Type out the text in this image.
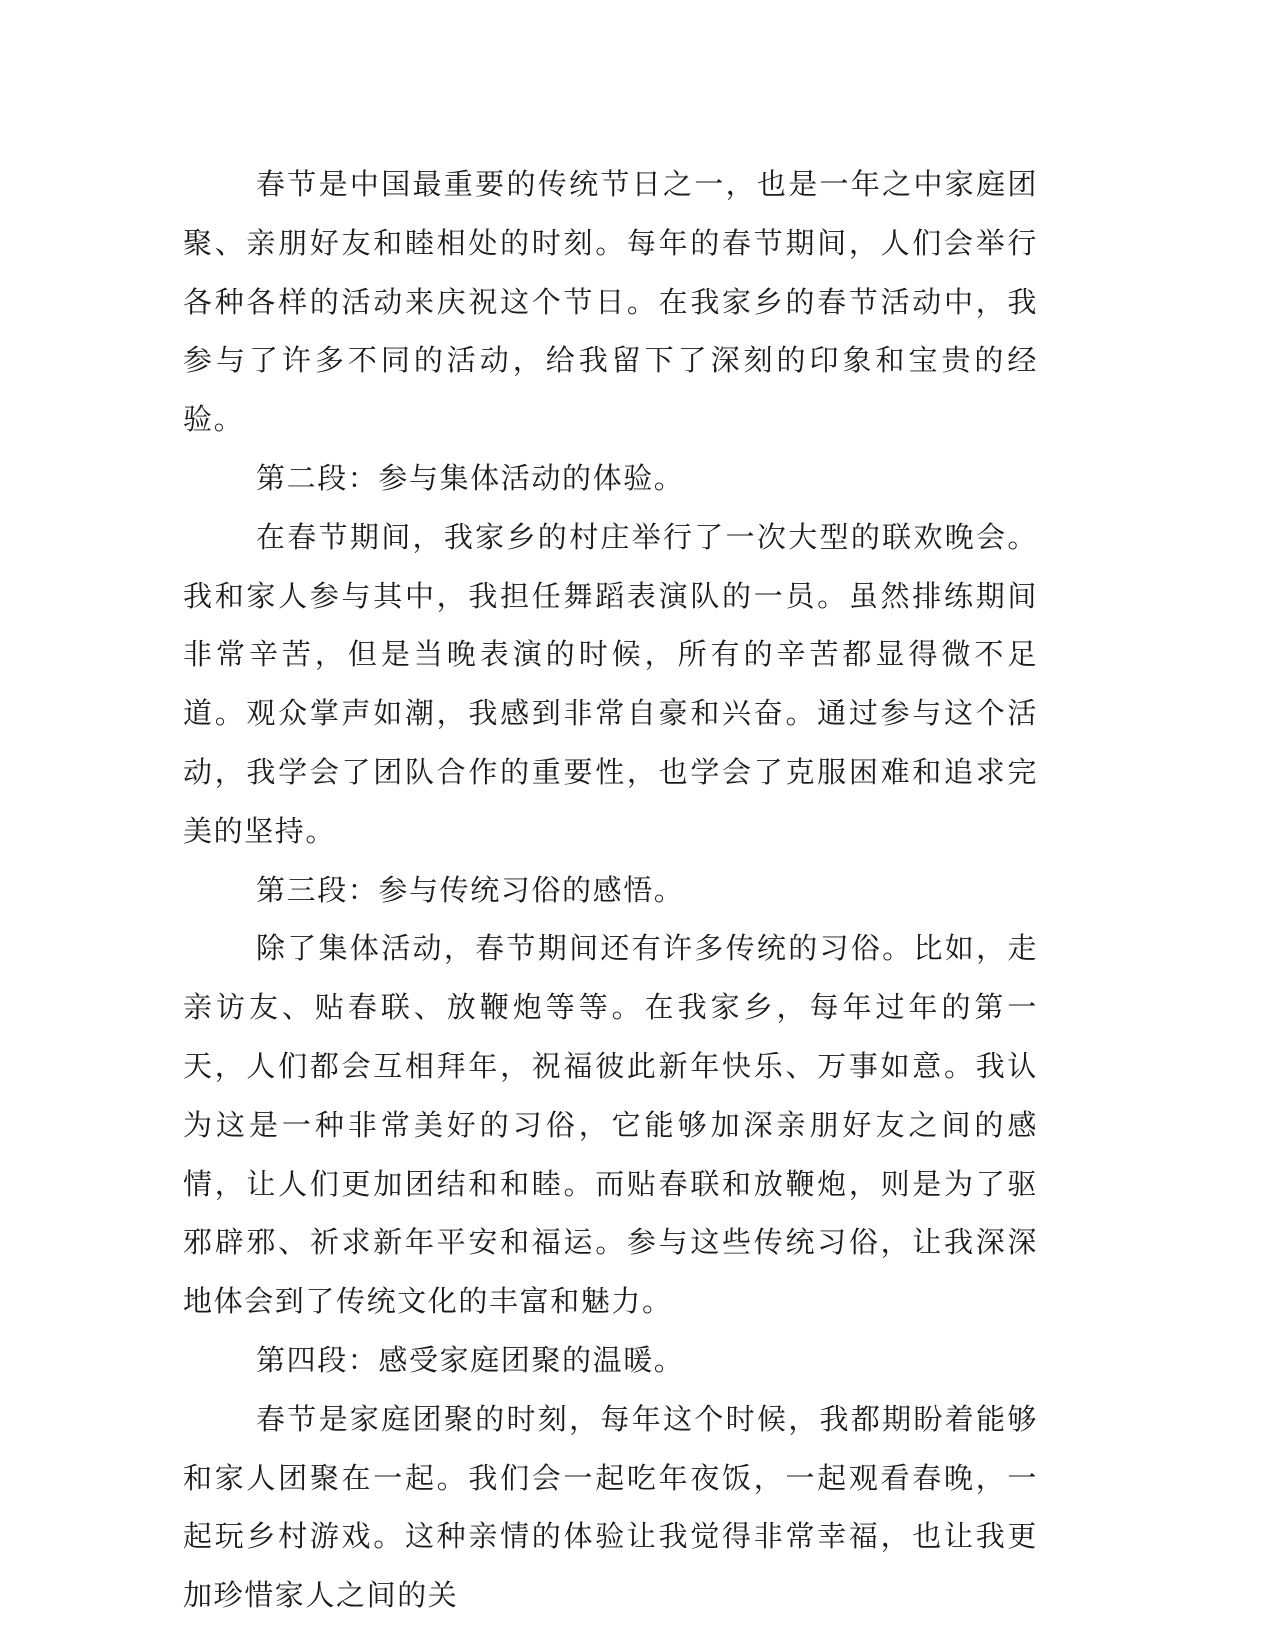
春节是中国最重要的传统节日之一，也是一年之中家庭团聚、亲朋好友和睦相处的时刻。每年的春节期间，人们会举行各种各样的活动来庆祝这个节日。在我家乡的春节活动中，我参与了许多不同的活动，给我留下了深刻的印象和宝贵的经验。

第二段：参与集体活动的体验。

在春节期间，我家乡的村庄举行了一次大型的联欢晚会。我和家人参与其中，我担任舞蹈表演队的一员。虽然排练期间非常辛苦，但是当晚表演的时候，所有的辛苦都显得微不足道。观众掌声如潮，我感到非常自豪和兴奋。通过参与这个活动，我学会了团队合作的重要性，也学会了克服困难和追求完美的坚持。

第三段：参与传统习俗的感悟。

除了集体活动，春节期间还有许多传统的习俗。比如，走亲访友、贴春联、放鞭炮等等。在我家乡，每年过年的第一天，人们都会互相拜年，祝福彼此新年快乐、万事如意。我认为这是一种非常美好的习俗，它能够加深亲朋好友之间的感情，让人们更加团结和和睦。而贴春联和放鞭炮，则是为了驱邪辟邪、祈求新年平安和福运。参与这些传统习俗，让我深深地体会到了传统文化的丰富和魅力。

第四段：感受家庭团聚的温暖。

春节是家庭团聚的时刻，每年这个时候，我都期盼着能够和家人团聚在一起。我们会一起吃年夜饭，一起观看春晚，一起玩乡村游戏。这种亲情的体验让我觉得非常幸福，也让我更加珍惜家人之间的关
